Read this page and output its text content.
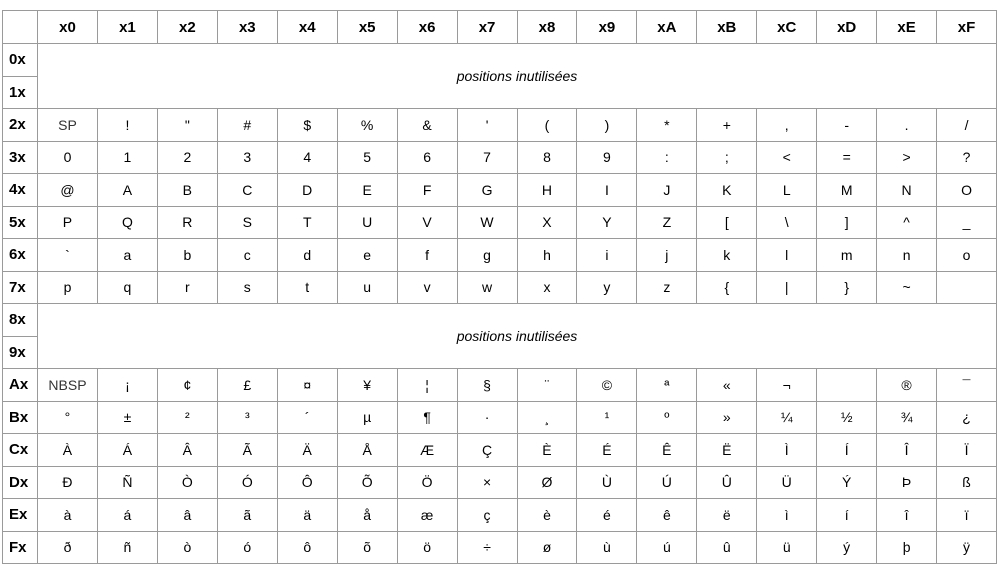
	x0	x1	x2	x3	x4	x5	x6	x7	x8	x9	xA	xB	xC	xD	xE	xF
0x	positions inutilisées															
1x																
2x	SP	!	"	#	$	%	&	'	(	)	*	+	,	-	.	/
3x	0	1	2	3	4	5	6	7	8	9	:	;	<	=	>	?
4x	@	A	B	C	D	E	F	G	H	I	J	K	L	M	N	O
5x	P	Q	R	S	T	U	V	W	X	Y	Z	[	\	]	^	_
6x	`	a	b	c	d	e	f	g	h	i	j	k	l	m	n	o
7x	p	q	r	s	t	u	v	w	x	y	z	{	|	}	~	
8x	positions inutilisées															
9x																
Ax	NBSP	¡	¢	£	¤	¥	¦	§	¨	©	ª	«	¬		®	¯
Bx	°	±	²	³	´	µ	¶	·	¸	¹	º	»	¼	½	¾	¿
Cx	À	Á	Â	Ã	Ä	Å	Æ	Ç	È	É	Ê	Ë	Ì	Í	Î	Ï
Dx	Ð	Ñ	Ò	Ó	Ô	Õ	Ö	×	Ø	Ù	Ú	Û	Ü	Ý	Þ	ß
Ex	à	á	â	ã	ä	å	æ	ç	è	é	ê	ë	ì	í	î	ï
Fx	ð	ñ	ò	ó	ô	õ	ö	÷	ø	ù	ú	û	ü	ý	þ	ÿ
